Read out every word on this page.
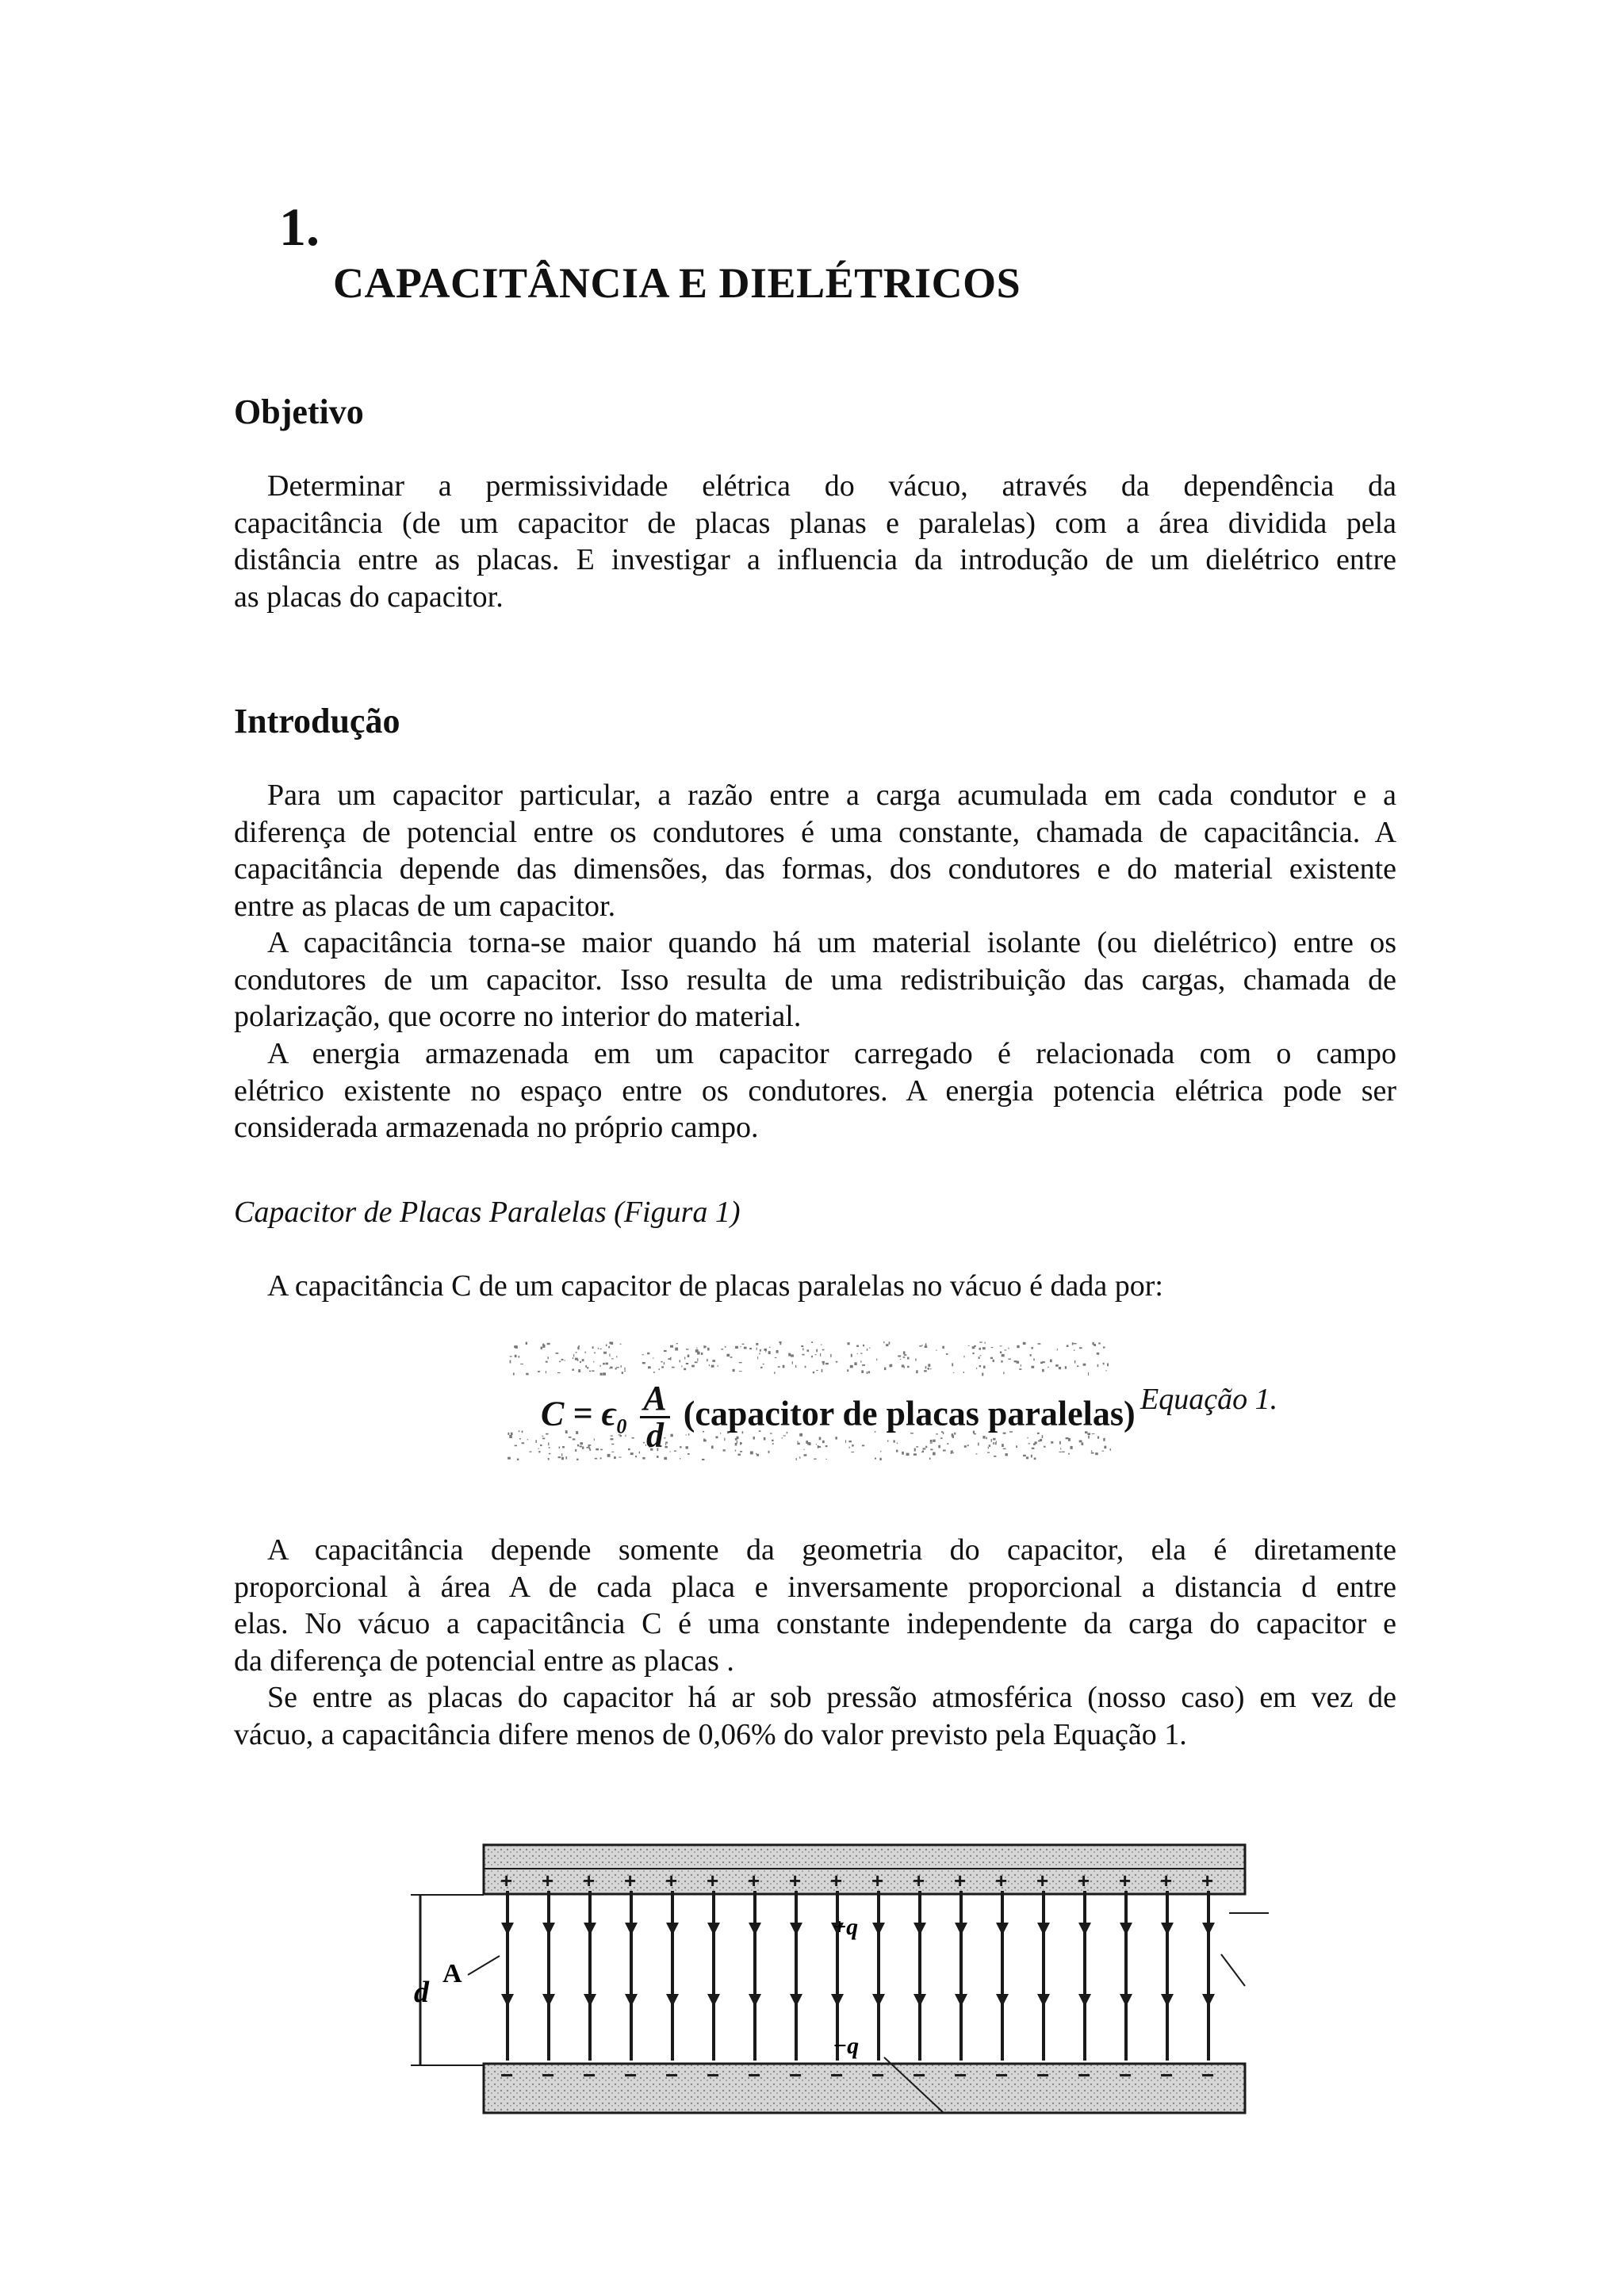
1.
CAPACITÂNCIA E DIELÉTRICOS
Objetivo
Determinar a permissividade elétrica do vácuo, através da dependência da
capacitância (de um capacitor de placas planas e paralelas) com a área dividida pela
distância entre as placas. E investigar a influencia da introdução de um dielétrico entre
as placas do capacitor.
Introdução
Para um capacitor particular, a razão entre a carga acumulada em cada condutor e a
diferença de potencial entre os condutores é uma constante, chamada de capacitância. A
capacitância depende das dimensões, das formas, dos condutores e do material existente
entre as placas de um capacitor.
A capacitância torna-se maior quando há um material isolante (ou dielétrico) entre os
condutores de um capacitor. Isso resulta de uma redistribuição das cargas, chamada de
polarização, que ocorre no interior do material.
A energia armazenada em um capacitor carregado é relacionada com o campo
elétrico existente no espaço entre os condutores. A energia potencia elétrica pode ser
considerada armazenada no próprio campo.
Capacitor de Placas Paralelas (Figura 1)
A capacitância C de um capacitor de placas paralelas no vácuo é dada por:
$C = \epsilon_0 \frac{A}{d}$ (capacitor de placas paralelas) Equação 1.
A capacitância depende somente da geometria do capacitor, ela é diretamente
proporcional à área A de cada placa e inversamente proporcional a distancia d entre
elas. No vácuo a capacitância C é uma constante independente da carga do capacitor e
da diferença de potencial entre as placas .
Se entre as placas do capacitor há ar sob pressão atmosférica (nosso caso) em vez de
vácuo, a capacitância difere menos de 0,06% do valor previsto pela Equação 1.
d
A
+
−
+
−
+
−
+
−
+
−
+
−
+
−
+
−
+
−
+
−
+
−
+
−
+
−
+
−
+
−
+
−
+
−
+
−
+q
−q
